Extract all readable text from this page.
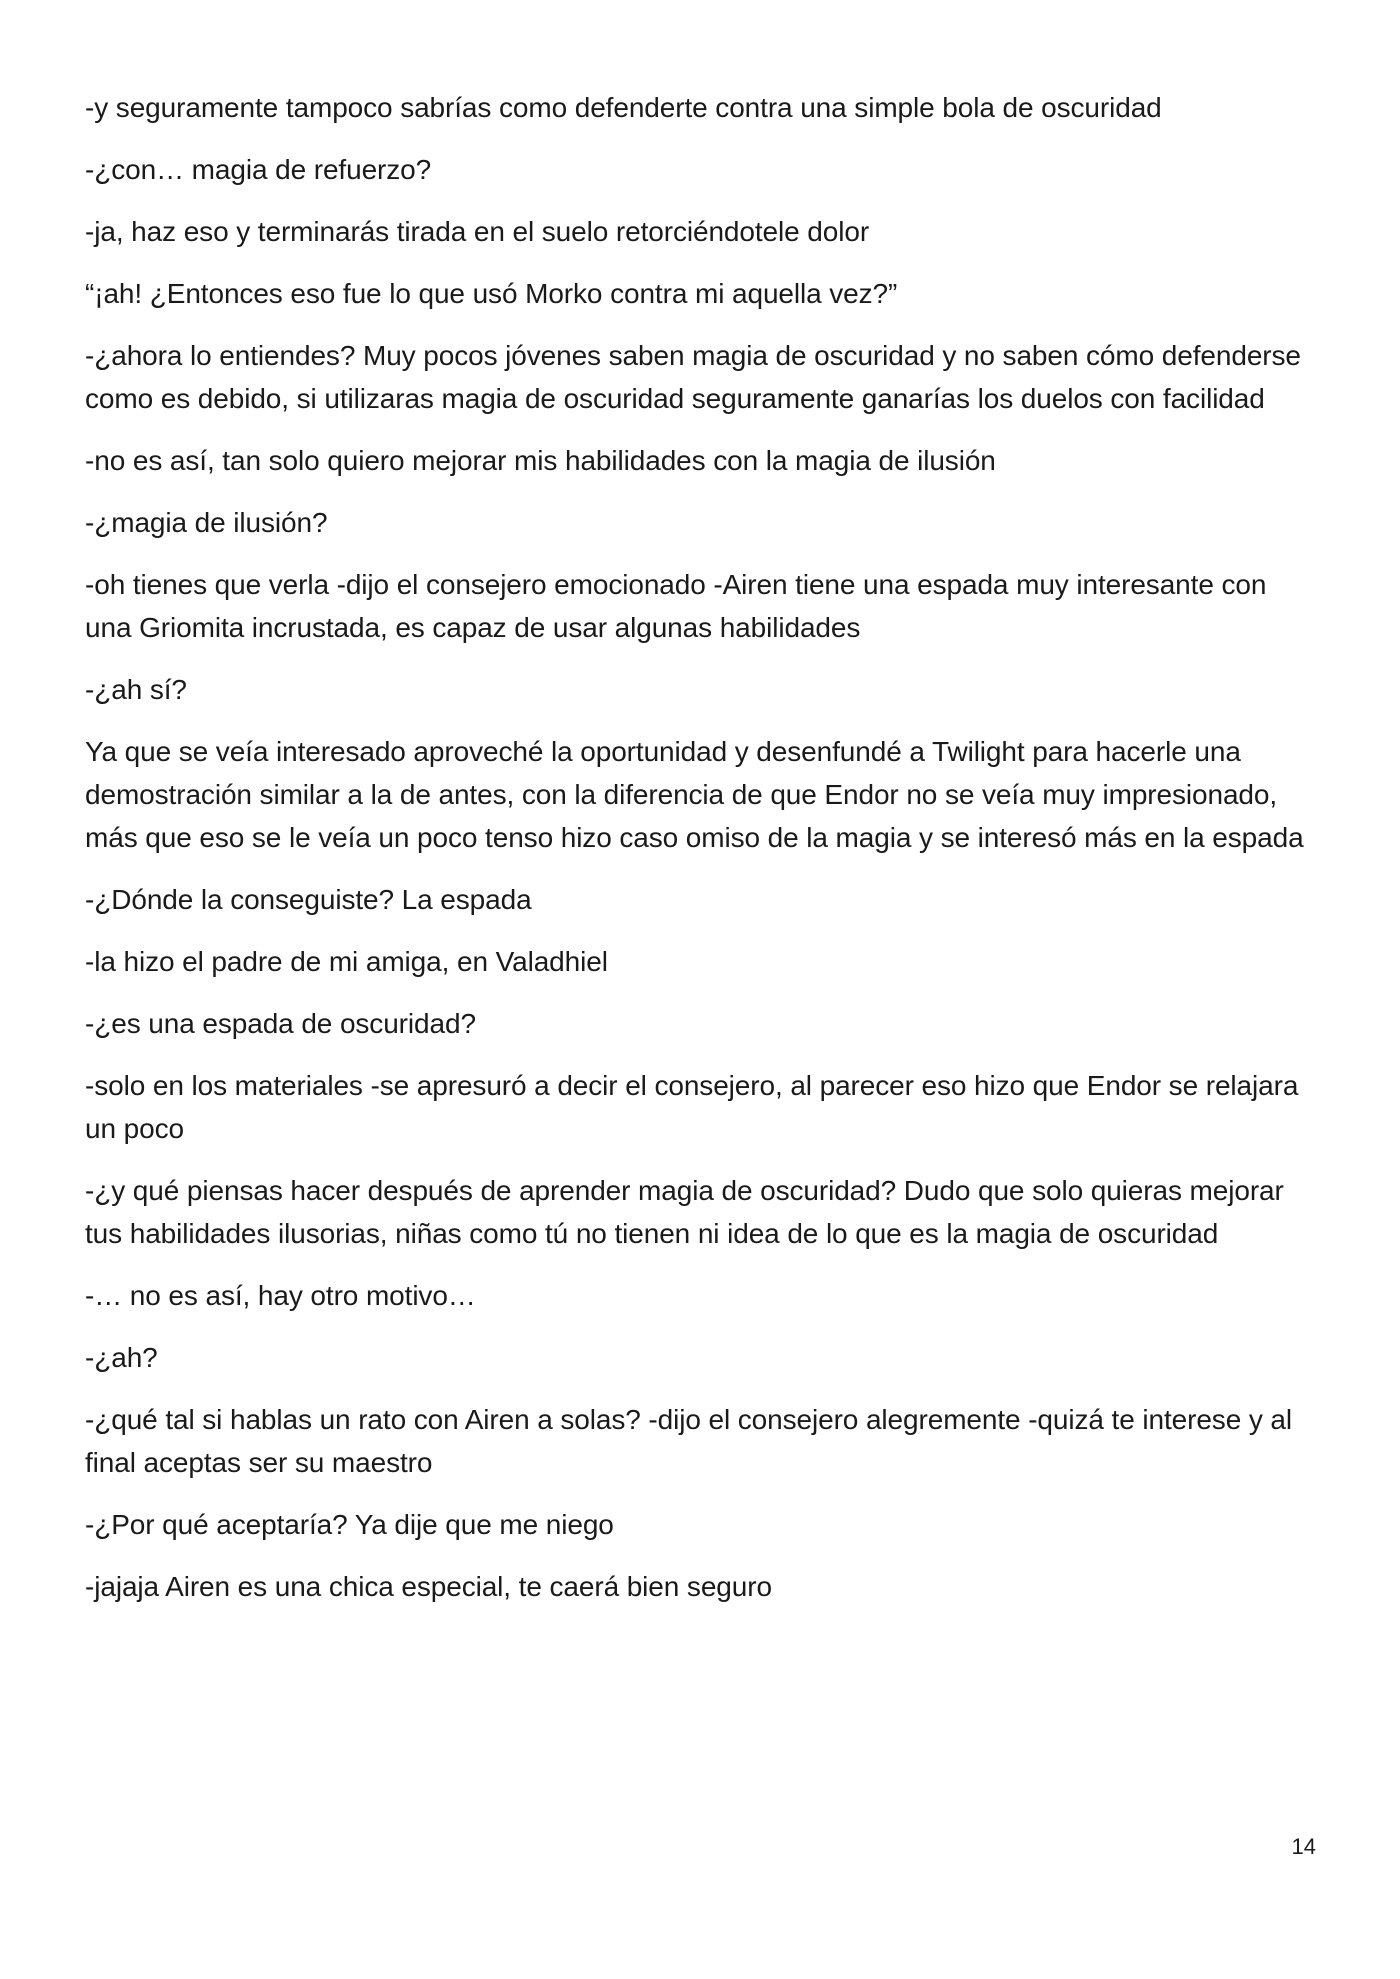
-y seguramente tampoco sabrías como defenderte contra una simple bola de oscuridad

-¿con… magia de refuerzo?

-ja, haz eso y terminarás tirada en el suelo retorciéndotele dolor

“¡ah! ¿Entonces eso fue lo que usó Morko contra mi aquella vez?”

-¿ahora lo entiendes? Muy pocos jóvenes saben magia de oscuridad y no saben cómo defenderse como es debido, si utilizaras magia de oscuridad seguramente ganarías los duelos con facilidad

-no es así, tan solo quiero mejorar mis habilidades con la magia de ilusión

-¿magia de ilusión?

-oh tienes que verla -dijo el consejero emocionado -Airen tiene una espada muy interesante con una Griomita incrustada, es capaz de usar algunas habilidades

-¿ah sí?

Ya que se veía interesado aproveché la oportunidad y desenfundé a Twilight para hacerle una demostración similar a la de antes, con la diferencia de que Endor no se veía muy impresionado, más que eso se le veía un poco tenso hizo caso omiso de la magia y se interesó más en la espada

-¿Dónde la conseguiste? La espada

-la hizo el padre de mi amiga, en Valadhiel

-¿es una espada de oscuridad?

-solo en los materiales -se apresuró a decir el consejero, al parecer eso hizo que Endor se relajara un poco

-¿y qué piensas hacer después de aprender magia de oscuridad? Dudo que solo quieras mejorar tus habilidades ilusorias, niñas como tú no tienen ni idea de lo que es la magia de oscuridad

-… no es así, hay otro motivo…

-¿ah?

-¿qué tal si hablas un rato con Airen a solas? -dijo el consejero alegremente -quizá te interese y al final aceptas ser su maestro

-¿Por qué aceptaría? Ya dije que me niego

-jajaja Airen es una chica especial, te caerá bien seguro

14
